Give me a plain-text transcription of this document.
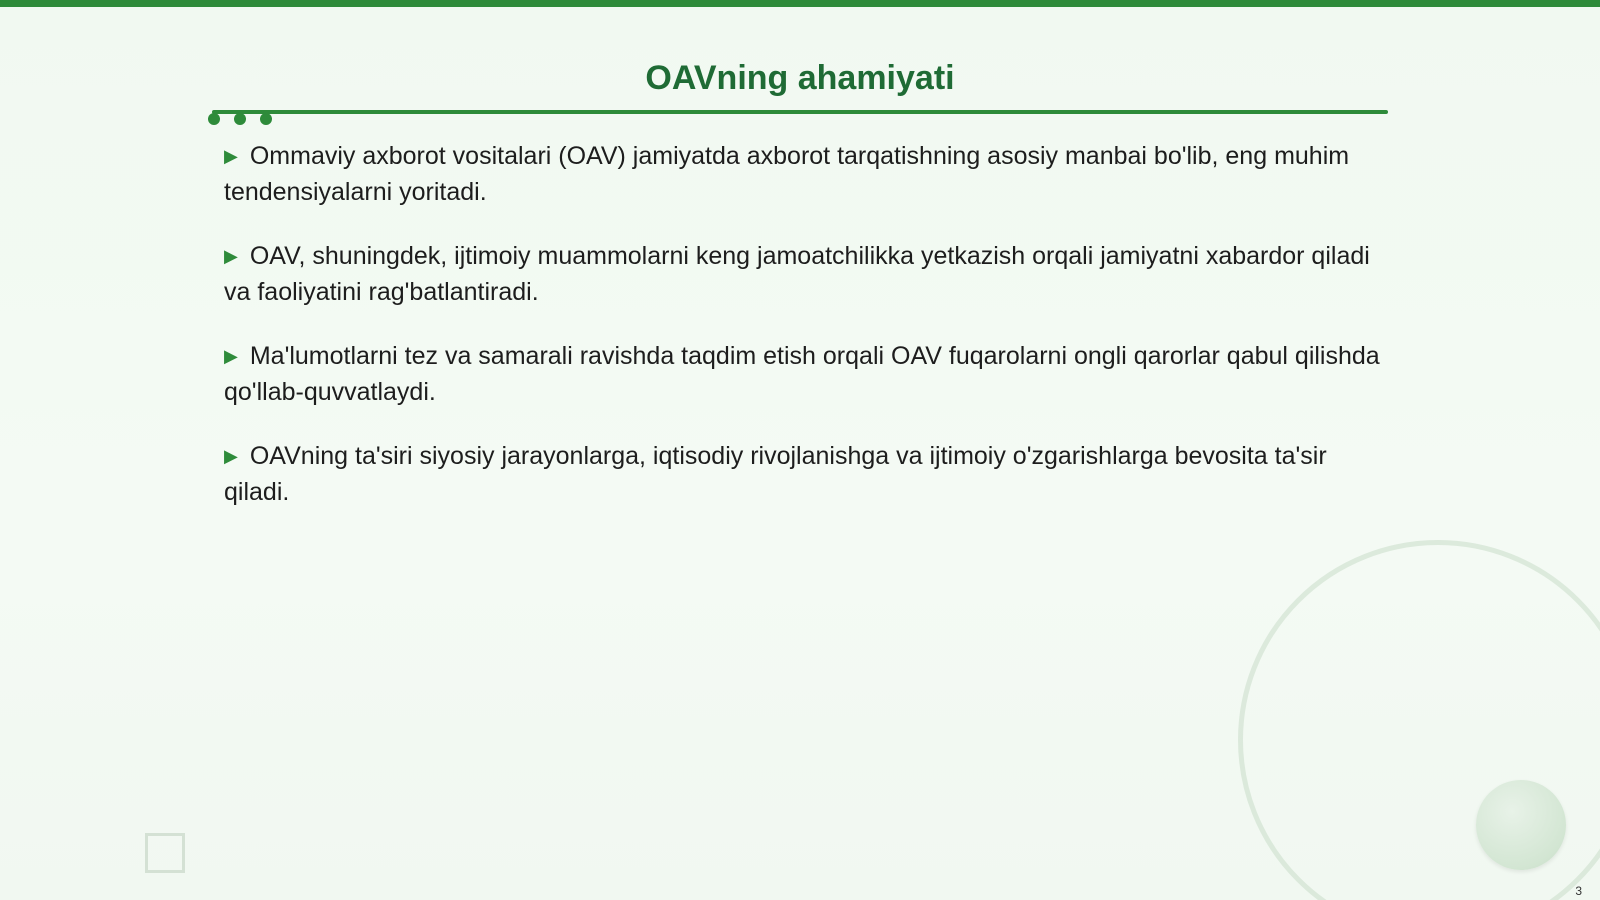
OAVning ahamiyati
▶ Ommaviy axborot vositalari (OAV) jamiyatda axborot tarqatishning asosiy manbai bo'lib, eng muhim tendensiyalarni yoritadi.
▶ OAV, shuningdek, ijtimoiy muammolarni keng jamoatchilikka yetkazish orqali jamiyatni xabardor qiladi va faoliyatini rag'batlantiradi.
▶ Ma'lumotlarni tez va samarali ravishda taqdim etish orqali OAV fuqarolarni ongli qarorlar qabul qilishda qo'llab-quvvatlaydi.
▶ OAVning ta'siri siyosiy jarayonlarga, iqtisodiy rivojlanishga va ijtimoiy o'zgarishlarga bevosita ta'sir qiladi.
3
